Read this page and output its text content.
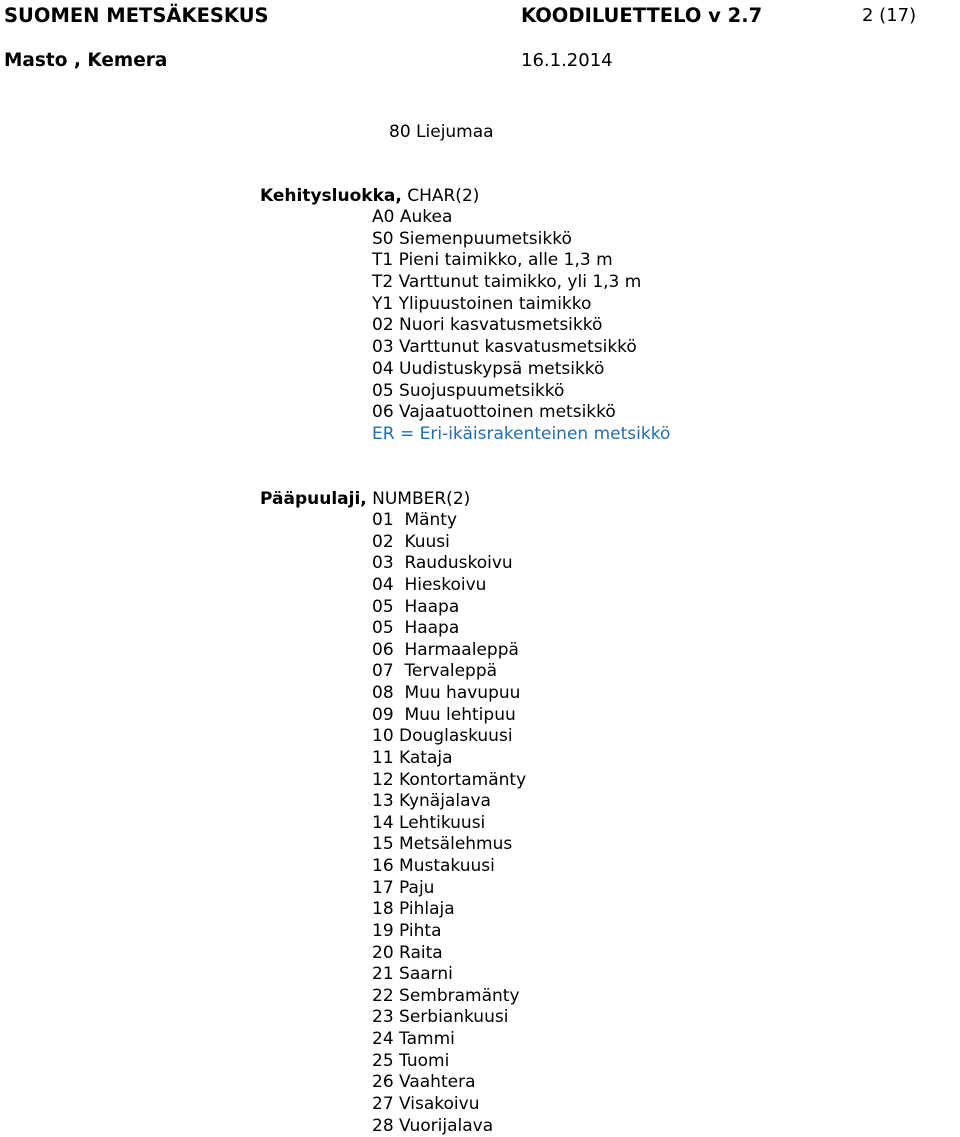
SUOMEN METSÄKESKUS	KOODILUETTELO v 2.7	2 (17)
Masto , Kemera	16.1.2014
80 Liejumaa
Kehitysluokka, CHAR(2)
A0 Aukea
S0 Siemenpuumetsikkö
T1 Pieni taimikko, alle 1,3 m
T2 Varttunut taimikko, yli 1,3 m
Y1 Ylipuustoinen taimikko
02 Nuori kasvatusmetsikkö
03 Varttunut kasvatusmetsikkö
04 Uudistuskypsä metsikkö
05 Suojuspuumetsikkö
06 Vajaatuottoinen metsikkö
ER = Eri-ikäisrakenteinen metsikkö
Pääpuulaji, NUMBER(2)
01  Mänty
02  Kuusi
03  Rauduskoivu
04  Hieskoivu
05  Haapa
05  Haapa
06  Harmaaleppä
07  Tervaleppä
08  Muu havupuu
09  Muu lehtipuu
10 Douglaskuusi
11 Kataja
12 Kontortamänty
13 Kynäjalava
14 Lehtikuusi
15 Metsälehmus
16 Mustakuusi
17 Paju
18 Pihlaja
19 Pihta
20 Raita
21 Saarni
22 Sembramänty
23 Serbiankuusi
24 Tammi
25 Tuomi
26 Vaahtera
27 Visakoivu
28 Vuorijalava
